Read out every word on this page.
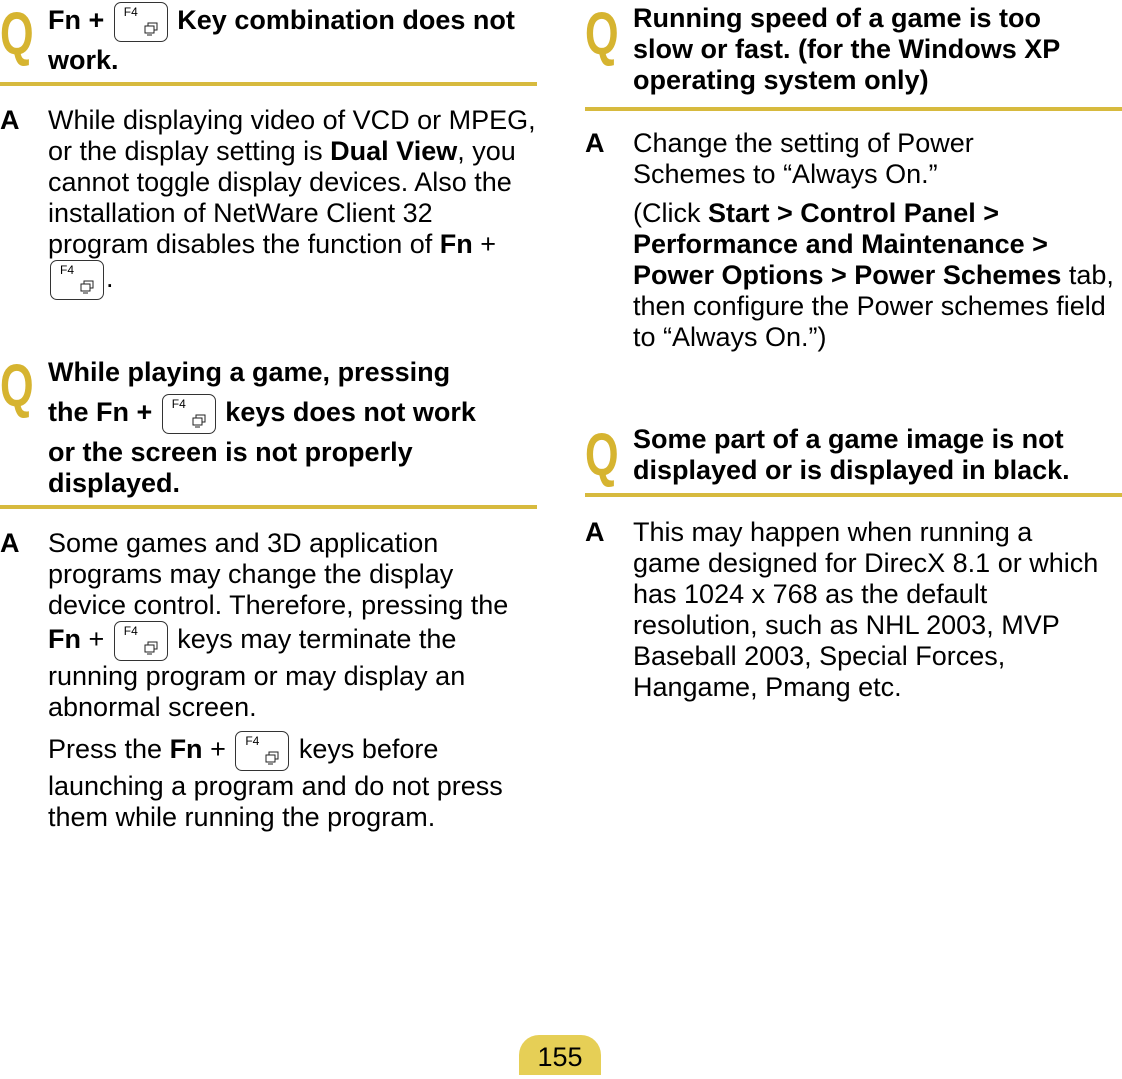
Q Fn + F4 Key combination does not work.
A While displaying video of VCD or MPEG, or the display setting is Dual View, you cannot toggle display devices. Also the installation of NetWare Client 32 program disables the function of Fn +
F4 .

Q While playing a game, pressing
the Fn + F4 keys does not work
or the screen is not properly displayed.
A Some games and 3D application programs may change the display device control. Therefore, pressing the Fn + F4 keys may terminate the running program or may display an abnormal screen.

Press the Fn + F4 keys before launching a program and do not press them while running the program.

Q Running speed of a game is too slow or fast. (for the Windows XP operating system only)
A Change the setting of Power Schemes to “Always On.”

(Click Start > Control Panel > Performance and Maintenance > Power Options > Power Schemes tab, then configure the Power schemes field to “Always On.”)

Q Some part of a game image is not displayed or is displayed in black.
A This may happen when running a game designed for DirecX 8.1 or which has 1024 x 768 as the default resolution, such as NHL 2003, MVP Baseball 2003, Special Forces, Hangame, Pmang etc.

155
